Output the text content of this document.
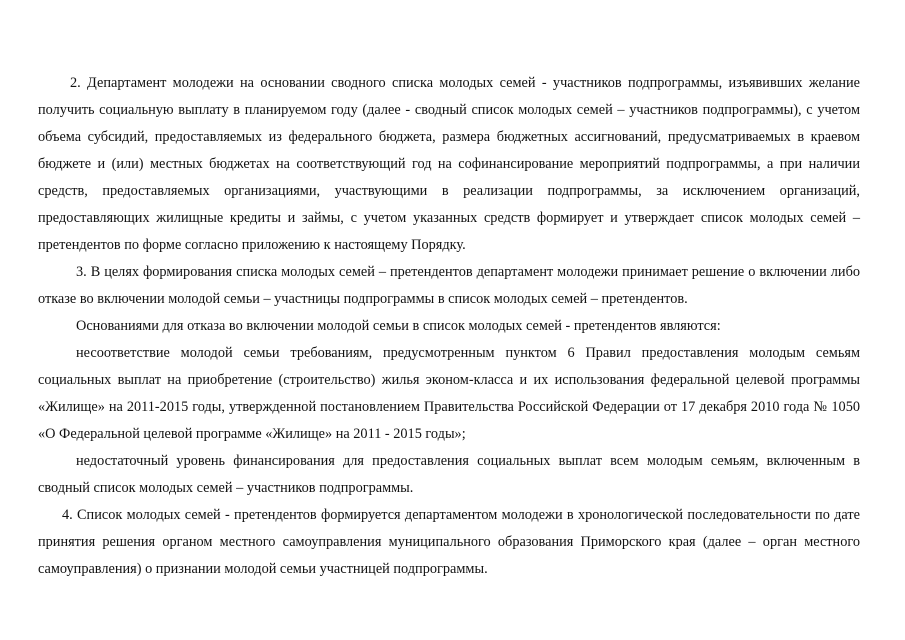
2. Департамент молодежи на основании сводного списка молодых семей - участников подпрограммы, изъявивших желание получить социальную выплату в планируемом году (далее - сводный список молодых семей – участников подпрограммы), с учетом объема субсидий, предоставляемых из федерального бюджета, размера бюджетных ассигнований, предусматриваемых в краевом бюджете и (или) местных бюджетах на соответствующий год на софинансирование мероприятий подпрограммы, а при наличии средств, предоставляемых организациями, участвующими в реализации подпрограммы, за исключением организаций, предоставляющих жилищные кредиты и займы, с учетом указанных средств формирует и утверждает список молодых семей – претендентов по форме согласно приложению к настоящему Порядку.

3. В целях формирования списка молодых семей – претендентов департамент молодежи принимает решение о включении либо отказе во включении молодой семьи – участницы подпрограммы в список молодых семей – претендентов.

Основаниями для отказа во включении молодой семьи в список молодых семей - претендентов являются:

несоответствие молодой семьи требованиям, предусмотренным пунктом 6 Правил предоставления молодым семьям социальных выплат на приобретение (строительство) жилья эконом-класса и их использования федеральной целевой программы «Жилище» на 2011-2015 годы, утвержденной постановлением Правительства Российской Федерации от 17 декабря 2010 года № 1050 «О Федеральной целевой программе «Жилище» на 2011 - 2015 годы»;

недостаточный уровень финансирования для предоставления социальных выплат всем молодым семьям, включенным в сводный список молодых семей – участников подпрограммы.

4. Список молодых семей - претендентов формируется департаментом молодежи в хронологической последовательности по дате принятия решения органом местного самоуправления муниципального образования Приморского края (далее – орган местного самоуправления) о признании молодой семьи участницей подпрограммы.
